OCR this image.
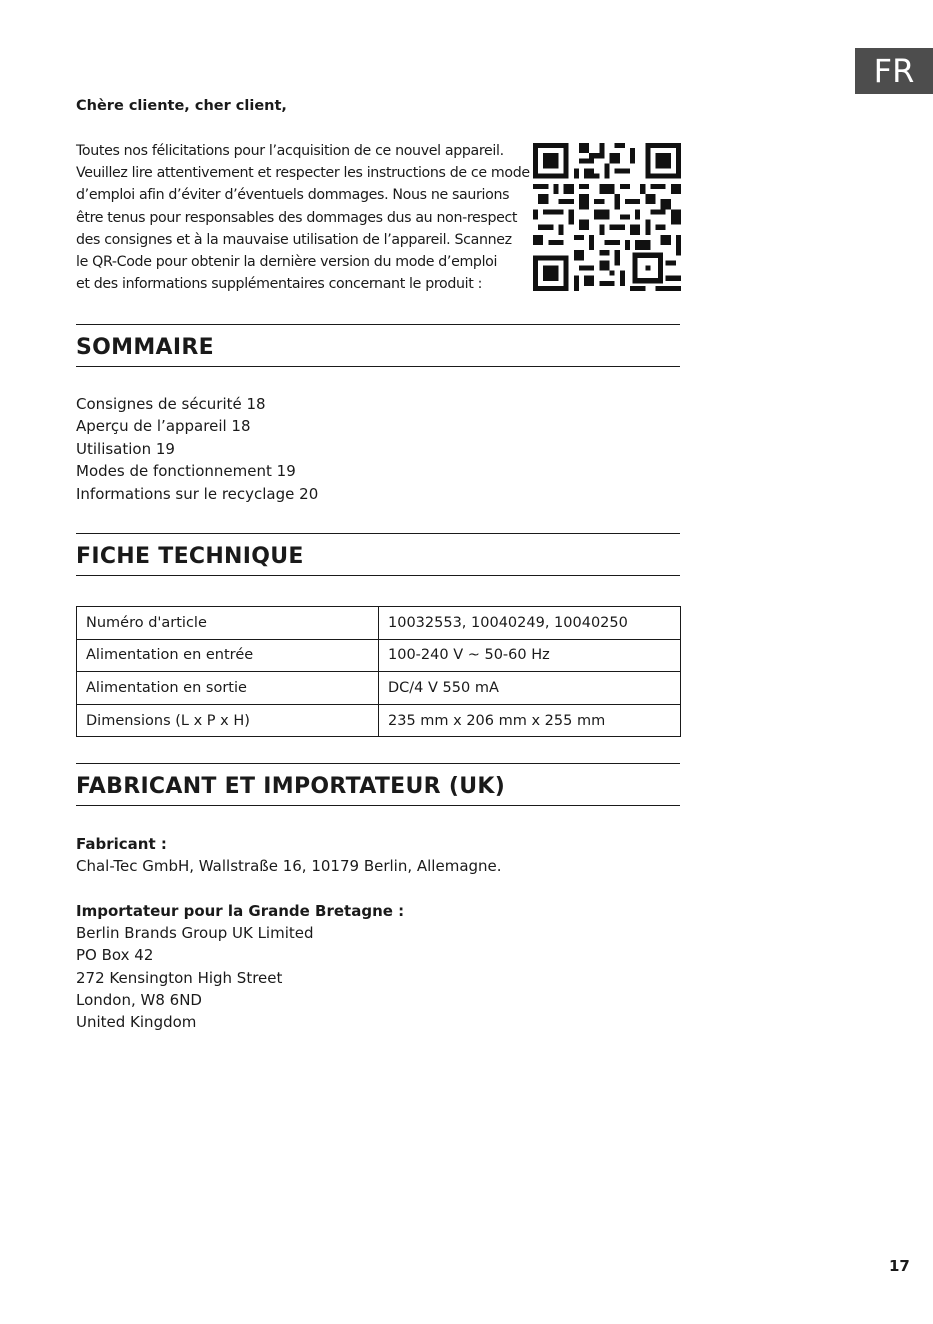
FR
Chère cliente, cher client,
Toutes nos félicitations pour l’acquisition de ce nouvel appareil.
Veuillez lire attentivement et respecter les instructions de ce mode
d’emploi afin d’éviter d’éventuels dommages. Nous ne saurions
être tenus pour responsables des dommages dus au non-respect
des consignes et à la mauvaise utilisation de l’appareil. Scannez
le QR-Code pour obtenir la dernière version du mode d’emploi
et des informations supplémentaires concernant le produit :
SOMMAIRE
Consignes de sécurité 18
Aperçu de l’appareil 18
Utilisation 19
Modes de fonctionnement 19
Informations sur le recyclage 20
FICHE TECHNIQUE
Numéro d'article	10032553, 10040249, 10040250
Alimentation en entrée	100-240 V ~ 50-60 Hz
Alimentation en sortie	DC/4 V 550 mA
Dimensions (L x P x H)	235 mm x 206 mm x 255 mm
FABRICANT ET IMPORTATEUR (UK)
Fabricant :
Chal-Tec GmbH, Wallstraße 16, 10179 Berlin, Allemagne.
Importateur pour la Grande Bretagne :
Berlin Brands Group UK Limited
PO Box 42
272 Kensington High Street
London, W8 6ND
United Kingdom
17
